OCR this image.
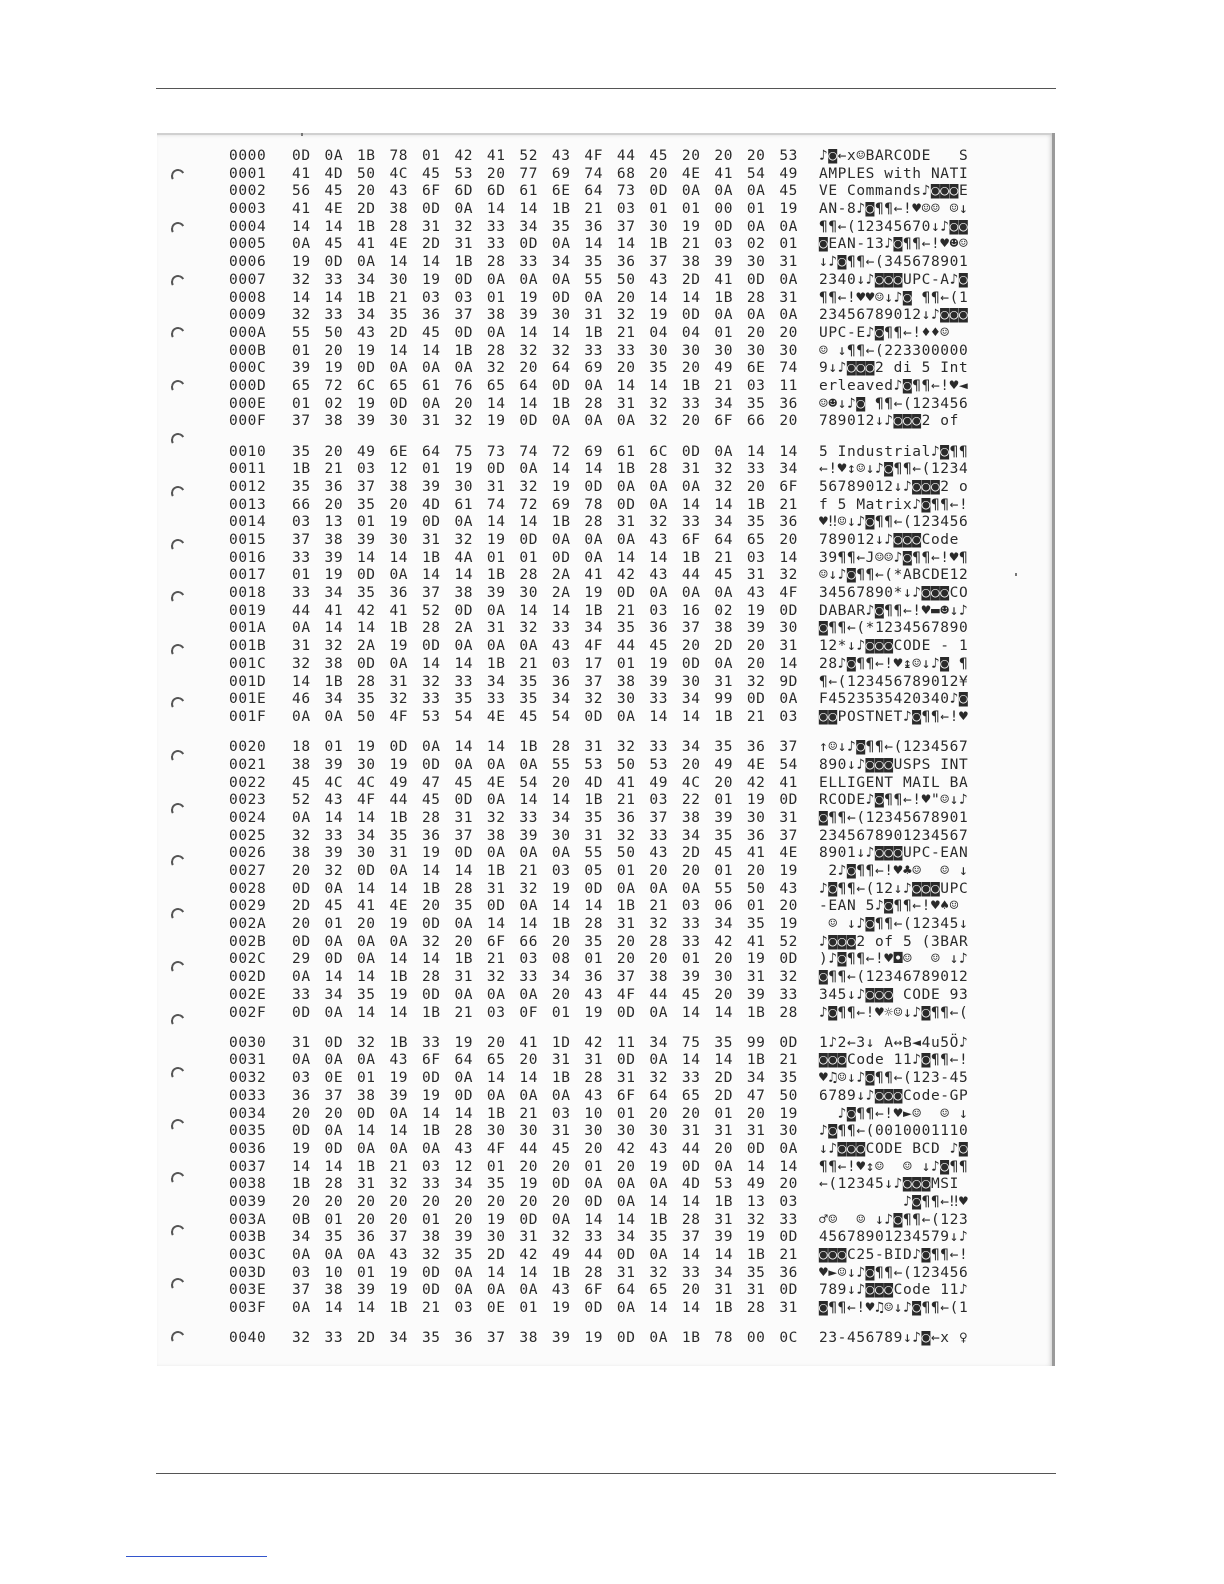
0000 0D 0A 1B 78 01 42 41 52 43 4F 44 45 20 20 20 53 ♪◙←x☺BARCODE   S
0001 41 4D 50 4C 45 53 20 77 69 74 68 20 4E 41 54 49 AMPLES with NATI
0002 56 45 20 43 6F 6D 6D 61 6E 64 73 0D 0A 0A 0A 45 VE Commands♪◙◙◙E
0003 41 4E 2D 38 0D 0A 14 14 1B 21 03 01 01 00 01 19 AN-8♪◙¶¶←!♥☺☺ ☺↓
0004 14 14 1B 28 31 32 33 34 35 36 37 30 19 0D 0A 0A ¶¶←(12345670↓♪◙◙
0005 0A 45 41 4E 2D 31 33 0D 0A 14 14 1B 21 03 02 01 ◙EAN-13♪◙¶¶←!♥☻☺
0006 19 0D 0A 14 14 1B 28 33 34 35 36 37 38 39 30 31 ↓♪◙¶¶←(345678901
0007 32 33 34 30 19 0D 0A 0A 0A 55 50 43 2D 41 0D 0A 2340↓♪◙◙◙UPC-A♪◙
0008 14 14 1B 21 03 03 01 19 0D 0A 20 14 14 1B 28 31 ¶¶←!♥♥☺↓♪◙ ¶¶←(1
0009 32 33 34 35 36 37 38 39 30 31 32 19 0D 0A 0A 0A 23456789012↓♪◙◙◙
000A 55 50 43 2D 45 0D 0A 14 14 1B 21 04 04 01 20 20 UPC-E♪◙¶¶←!♦♦☺
000B 01 20 19 14 14 1B 28 32 32 33 33 30 30 30 30 30 ☺ ↓¶¶←(223300000
000C 39 19 0D 0A 0A 0A 32 20 64 69 20 35 20 49 6E 74 9↓♪◙◙◙2 di 5 Int
000D 65 72 6C 65 61 76 65 64 0D 0A 14 14 1B 21 03 11 erleaved♪◙¶¶←!♥◄
000E 01 02 19 0D 0A 20 14 14 1B 28 31 32 33 34 35 36 ☺☻↓♪◙ ¶¶←(123456
000F 37 38 39 30 31 32 19 0D 0A 0A 0A 32 20 6F 66 20 789012↓♪◙◙◙2 of
0010 35 20 49 6E 64 75 73 74 72 69 61 6C 0D 0A 14 14 5 Industrial♪◙¶¶
0011 1B 21 03 12 01 19 0D 0A 14 14 1B 28 31 32 33 34 ←!♥↕☺↓♪◙¶¶←(1234
0012 35 36 37 38 39 30 31 32 19 0D 0A 0A 0A 32 20 6F 56789012↓♪◙◙◙2 o
0013 66 20 35 20 4D 61 74 72 69 78 0D 0A 14 14 1B 21 f 5 Matrix♪◙¶¶←!
0014 03 13 01 19 0D 0A 14 14 1B 28 31 32 33 34 35 36 ♥‼☺↓♪◙¶¶←(123456
0015 37 38 39 30 31 32 19 0D 0A 0A 0A 43 6F 64 65 20 789012↓♪◙◙◙Code
0016 33 39 14 14 1B 4A 01 01 0D 0A 14 14 1B 21 03 14 39¶¶←J☺☺♪◙¶¶←!♥¶
0017 01 19 0D 0A 14 14 1B 28 2A 41 42 43 44 45 31 32 ☺↓♪◙¶¶←(*ABCDE12
0018 33 34 35 36 37 38 39 30 2A 19 0D 0A 0A 0A 43 4F 34567890*↓♪◙◙◙CO
0019 44 41 42 41 52 0D 0A 14 14 1B 21 03 16 02 19 0D DABAR♪◙¶¶←!♥▬☻↓♪
001A 0A 14 14 1B 28 2A 31 32 33 34 35 36 37 38 39 30 ◙¶¶←(*1234567890
001B 31 32 2A 19 0D 0A 0A 0A 43 4F 44 45 20 2D 20 31 12*↓♪◙◙◙CODE - 1
001C 32 38 0D 0A 14 14 1B 21 03 17 01 19 0D 0A 20 14 28♪◙¶¶←!♥↨☺↓♪◙ ¶
001D 14 1B 28 31 32 33 34 35 36 37 38 39 30 31 32 9D ¶←(123456789012¥
001E 46 34 35 32 33 35 33 35 34 32 30 33 34 99 0D 0A F4523535420340♪◙
001F 0A 0A 50 4F 53 54 4E 45 54 0D 0A 14 14 1B 21 03 ◙◙POSTNET♪◙¶¶←!♥
0020 18 01 19 0D 0A 14 14 1B 28 31 32 33 34 35 36 37 ↑☺↓♪◙¶¶←(1234567
0021 38 39 30 19 0D 0A 0A 0A 55 53 50 53 20 49 4E 54 890↓♪◙◙◙USPS INT
0022 45 4C 4C 49 47 45 4E 54 20 4D 41 49 4C 20 42 41 ELLIGENT MAIL BA
0023 52 43 4F 44 45 0D 0A 14 14 1B 21 03 22 01 19 0D RCODE♪◙¶¶←!♥"☺↓♪
0024 0A 14 14 1B 28 31 32 33 34 35 36 37 38 39 30 31 ◙¶¶←(12345678901
0025 32 33 34 35 36 37 38 39 30 31 32 33 34 35 36 37 2345678901234567
0026 38 39 30 31 19 0D 0A 0A 0A 55 50 43 2D 45 41 4E 8901↓♪◙◙◙UPC-EAN
0027 20 32 0D 0A 14 14 1B 21 03 05 01 20 20 01 20 19 2♪◙¶¶←!♥♣☺  ☺ ↓
0028 0D 0A 14 14 1B 28 31 32 19 0D 0A 0A 0A 55 50 43 ♪◙¶¶←(12↓♪◙◙◙UPC
0029 2D 45 41 4E 20 35 0D 0A 14 14 1B 21 03 06 01 20 -EAN 5♪◙¶¶←!♥♠☺
002A 20 01 20 19 0D 0A 14 14 1B 28 31 32 33 34 35 19 ☺ ↓♪◙¶¶←(12345↓
002B 0D 0A 0A 0A 32 20 6F 66 20 35 20 28 33 42 41 52 ♪◙◙◙2 of 5 (3BAR
002C 29 0D 0A 14 14 1B 21 03 08 01 20 20 01 20 19 0D )♪◙¶¶←!♥◘☺  ☺ ↓♪
002D 0A 14 14 1B 28 31 32 33 34 36 37 38 39 30 31 32 ◙¶¶←(12346789012
002E 33 34 35 19 0D 0A 0A 0A 20 43 4F 44 45 20 39 33 345↓♪◙◙◙ CODE 93
002F 0D 0A 14 14 1B 21 03 0F 01 19 0D 0A 14 14 1B 28 ♪◙¶¶←!♥☼☺↓♪◙¶¶←(
0030 31 0D 32 1B 33 19 20 41 1D 42 11 34 75 35 99 0D 1♪2←3↓ A↔B◄4u5Ö♪
0031 0A 0A 0A 43 6F 64 65 20 31 31 0D 0A 14 14 1B 21 ◙◙◙Code 11♪◙¶¶←!
0032 03 0E 01 19 0D 0A 14 14 1B 28 31 32 33 2D 34 35 ♥♫☺↓♪◙¶¶←(123-45
0033 36 37 38 39 19 0D 0A 0A 0A 43 6F 64 65 2D 47 50 6789↓♪◙◙◙Code-GP
0034 20 20 0D 0A 14 14 1B 21 03 10 01 20 20 01 20 19 ♪◙¶¶←!♥►☺  ☺ ↓
0035 0D 0A 14 14 1B 28 30 30 31 30 30 30 31 31 31 30 ♪◙¶¶←(0010001110
0036 19 0D 0A 0A 0A 43 4F 44 45 20 42 43 44 20 0D 0A ↓♪◙◙◙CODE BCD ♪◙
0037 14 14 1B 21 03 12 01 20 20 01 20 19 0D 0A 14 14 ¶¶←!♥↕☺  ☺ ↓♪◙¶¶
0038 1B 28 31 32 33 34 35 19 0D 0A 0A 0A 4D 53 49 20 ←(12345↓♪◙◙◙MSI
0039 20 20 20 20 20 20 20 20 20 0D 0A 14 14 1B 13 03 ♪◙¶¶←‼♥
003A 0B 01 20 20 01 20 19 0D 0A 14 14 1B 28 31 32 33 ♂☺  ☺ ↓♪◙¶¶←(123
003B 34 35 36 37 38 39 30 31 32 33 34 35 37 39 19 0D 45678901234579↓♪
003C 0A 0A 0A 43 32 35 2D 42 49 44 0D 0A 14 14 1B 21 ◙◙◙C25-BID♪◙¶¶←!
003D 03 10 01 19 0D 0A 14 14 1B 28 31 32 33 34 35 36 ♥►☺↓♪◙¶¶←(123456
003E 37 38 39 19 0D 0A 0A 0A 43 6F 64 65 20 31 31 0D 789↓♪◙◙◙Code 11♪
003F 0A 14 14 1B 21 03 0E 01 19 0D 0A 14 14 1B 28 31 ◙¶¶←!♥♫☺↓♪◙¶¶←(1
0040 32 33 2D 34 35 36 37 38 39 19 0D 0A 1B 78 00 0C 23-456789↓♪◙←x ♀
